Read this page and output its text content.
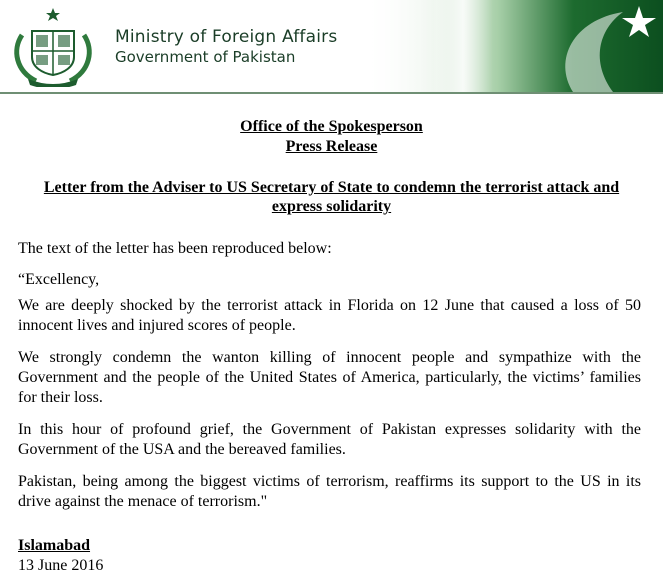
Ministry of Foreign Affairs
Government of Pakistan
Office of the Spokesperson
Press Release
Letter from the Adviser to US Secretary of State to condemn the terrorist attack and express solidarity
The text of the letter has been reproduced below:
“Excellency,
We are deeply shocked by the terrorist attack in Florida on 12 June that caused a loss of 50 innocent lives and injured scores of people.
We strongly condemn the wanton killing of innocent people and sympathize with the Government and the people of the United States of America, particularly, the victims’ families for their loss.
In this hour of profound grief, the Government of Pakistan expresses solidarity with the Government of the USA and the bereaved families.
Pakistan, being among the biggest victims of terrorism, reaffirms its support to the US in its drive against the menace of terrorism."
Islamabad
13 June 2016
